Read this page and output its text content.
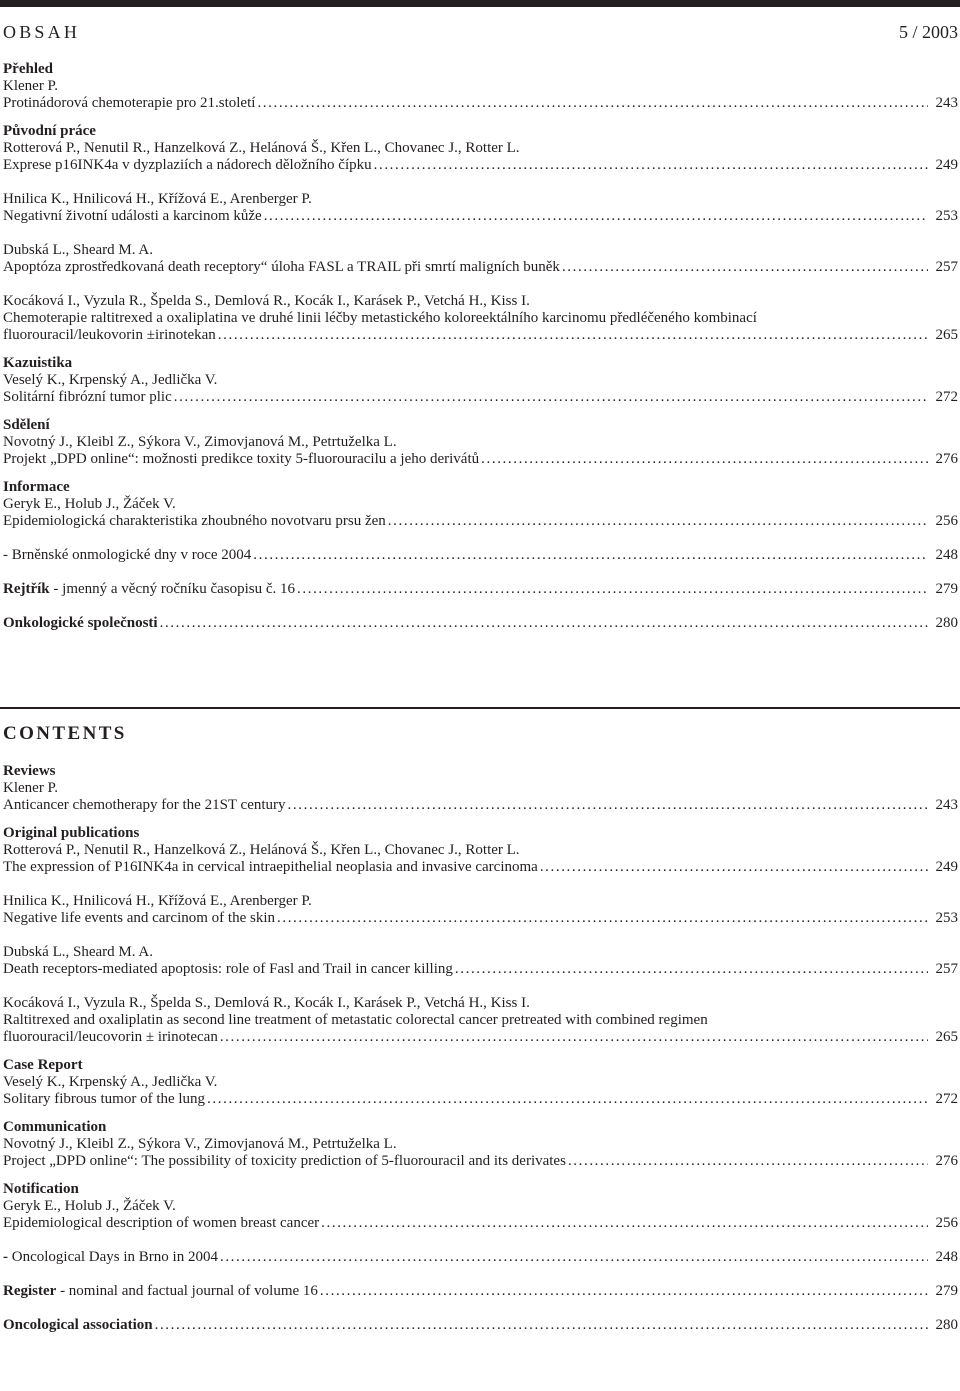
OBSAH	5 / 2003
Přehled
Klener P.
Protinádorová chemoterapie pro 21.století .....	243
Původní práce
Rotterová P., Nenutil R., Hanzelková Z., Helánová Š., Křen L., Chovanec J., Rotter L.
Exprese p16INK4a v dyzplaziích a nádorech děložního čípku .....	249
Hnilica K., Hnilicová H., Křížová E., Arenberger P.
Negativní životní události a karcinom kůže .....	253
Dubská L., Sheard M. A.
Apoptóza zprostředkovaná death receptory“ úloha FASL a TRAIL při smrtí maligních buněk .....	257
Kocáková I., Vyzula R., Špelda S., Demlová R., Kocák I., Karásek P., Vetchá H., Kiss I.
Chemoterapie raltitrexed a oxaliplatina ve druhé linii léčby metastického koloreektálního karcinomu předléčeného kombinací
fluorouracil/leukovorin ±irinotekan .....	265
Kazuistika
Veselý K., Krpenský A., Jedlička V.
Solitární fibrózní tumor plic .....	272
Sdělení
Novotný J., Kleibl Z., Sýkora V., Zimovjanová M., Petrtuželka L.
Projekt „DPD online“: možnosti predikce toxity 5-fluorouracilu a jeho derivátů .....	276
Informace
Geryk E., Holub J., Žáček V.
Epidemiologická charakteristika zhoubného novotvaru prsu žen .....	256
- Brněnské onmologické dny v roce 2004 .....	248
Rejtřík - jmenný a věcný ročníku časopisu č. 16 .....	279
Onkologické společnosti .....	280
CONTENTS
Reviews
Klener P.
Anticancer chemotherapy for the 21ST century .....	243
Original publications
Rotterová P., Nenutil R., Hanzelková Z., Helánová Š., Křen L., Chovanec J., Rotter L.
The expression of P16INK4a in cervical intraepithelial neoplasia and invasive carcinoma .....	249
Hnilica K., Hnilicová H., Křížová E., Arenberger P.
Negative life events and carcinom of the skin .....	253
Dubská L., Sheard M. A.
Death receptors-mediated apoptosis: role of Fasl and Trail in cancer killing .....	257
Kocáková I., Vyzula R., Špelda S., Demlová R., Kocák I., Karásek P., Vetchá H., Kiss I.
Raltitrexed and oxaliplatin as second line treatment of metastatic colorectal cancer pretreated with combined regimen
fluorouracil/leucovorin ± irinotecan .....	265
Case Report
Veselý K., Krpenský A., Jedlička V.
Solitary fibrous tumor of the lung .....	272
Communication
Novotný J., Kleibl Z., Sýkora V., Zimovjanová M., Petrtuželka L.
Project „DPD online“: The possibility of toxicity prediction of 5-fluorouracil and its derivates .....	276
Notification
Geryk E., Holub J., Žáček V.
Epidemiological description of women breast cancer .....	256
- Oncological Days in Brno in 2004 .....	248
Register - nominal and factual journal of volume 16 .....	279
Oncological association .....	280
